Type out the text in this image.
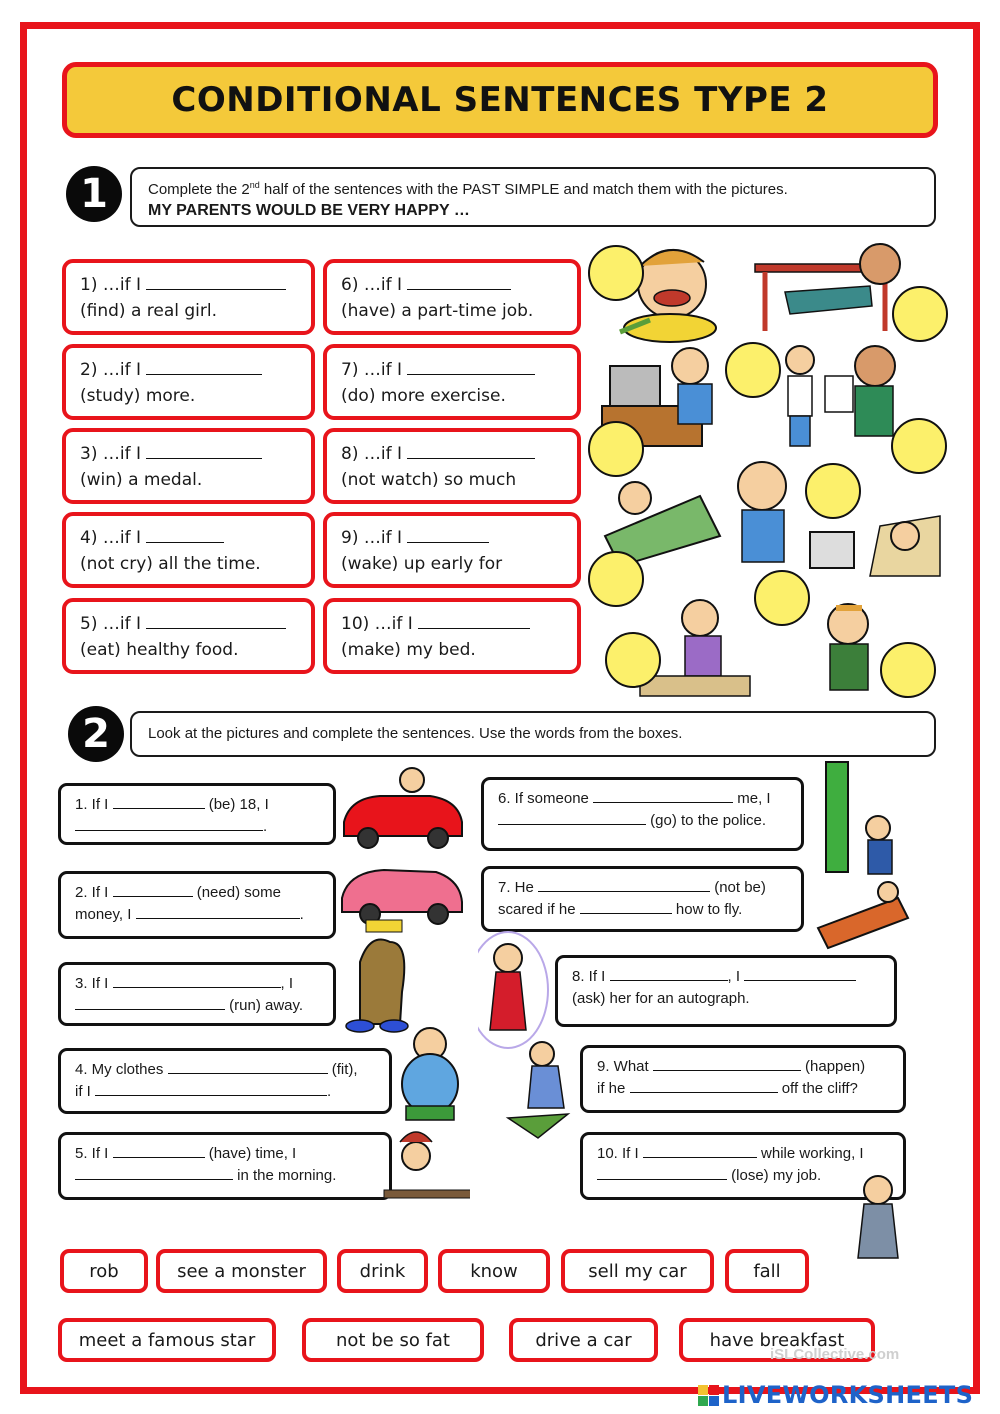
CONDITIONAL SENTENCES TYPE 2
1	Complete the 2nd half of the sentences with the PAST SIMPLE and match them with the pictures.
MY PARENTS WOULD BE VERY HAPPY …
1) …if I
(find) a real girl.
2) …if I
(study) more.
3) …if I
(win) a medal.
4) …if I
(not cry) all the time.
5) …if I
(eat) healthy food.
6) …if I
(have) a part-time job.
7) …if I
(do) more exercise.
8) …if I
(not watch) so much
9) …if I
(wake) up early for
10) …if I
(make) my bed.
2	Look at the pictures and complete the sentences. Use the words from the boxes.
1. If I	(be) 18, I
.
2. If I	(need) some
money, I	.
3. If I	, I
(run) away.
4. My clothes	(fit),
if I	.
5. If I	(have) time, I
in the morning.
6. If someone	me, I
(go) to the police.
7. He	(not be)
scared if he	how to fly.
8. If I	, I
(ask) her for an autograph.
9. What	(happen)
if he	off the cliff?
10. If I	while working, I
(lose) my job.
rob	see a monster	drink	know	sell my car	fall
meet a famous star	not be so fat	drive a car	have breakfast
iSLCollective.com
LIVEWORKSHEETS
